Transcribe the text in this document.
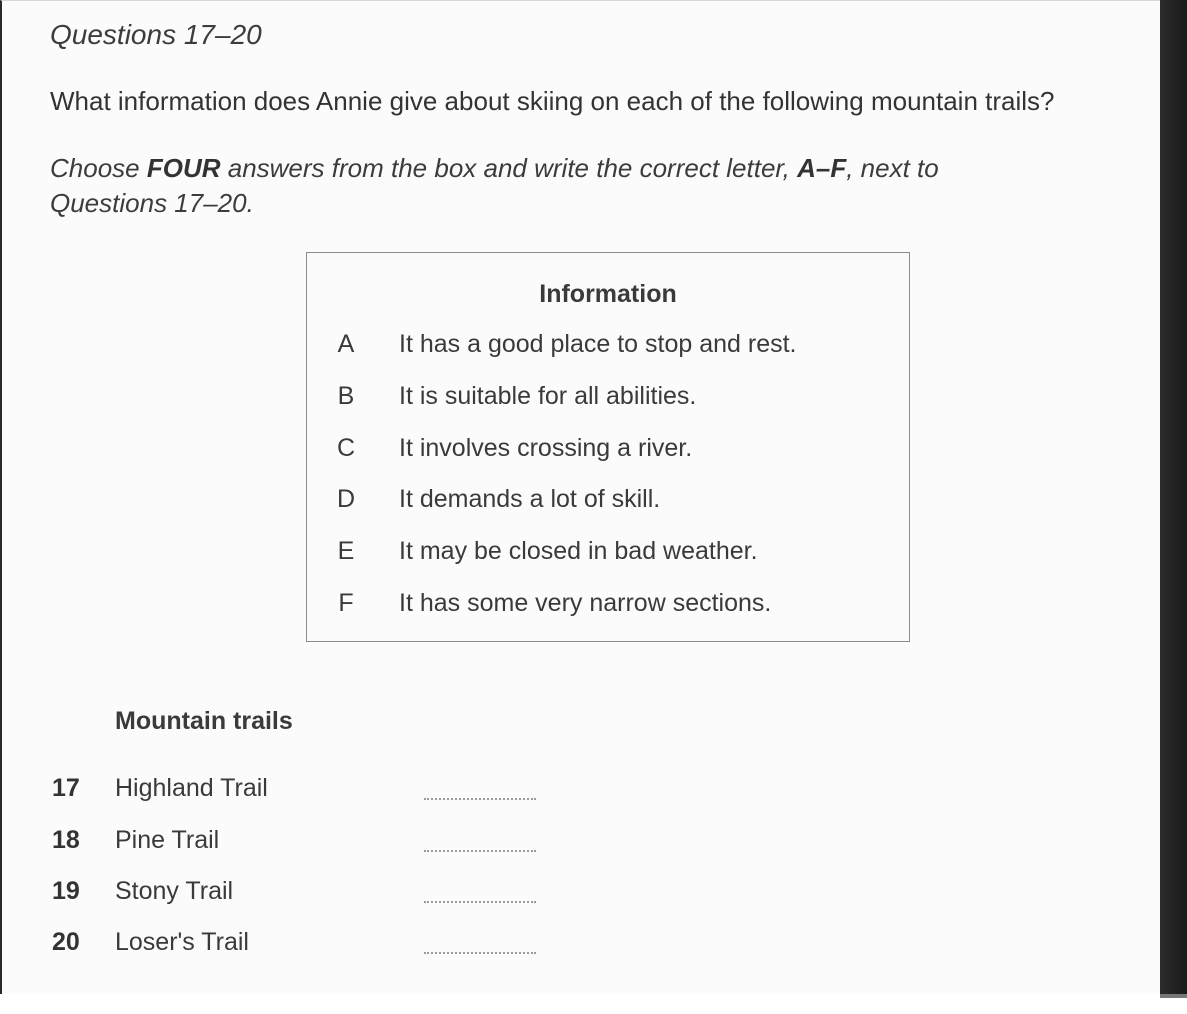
Questions 17–20
What information does Annie give about skiing on each of the following mountain trails?
Choose FOUR answers from the box and write the correct letter, A–F, next to
Questions 17–20.
Information
A It has a good place to stop and rest.
B It is suitable for all abilities.
C It involves crossing a river.
D It demands a lot of skill.
E It may be closed in bad weather.
F It has some very narrow sections.
Mountain trails
17 Highland Trail
18 Pine Trail
19 Stony Trail
20 Loser's Trail
